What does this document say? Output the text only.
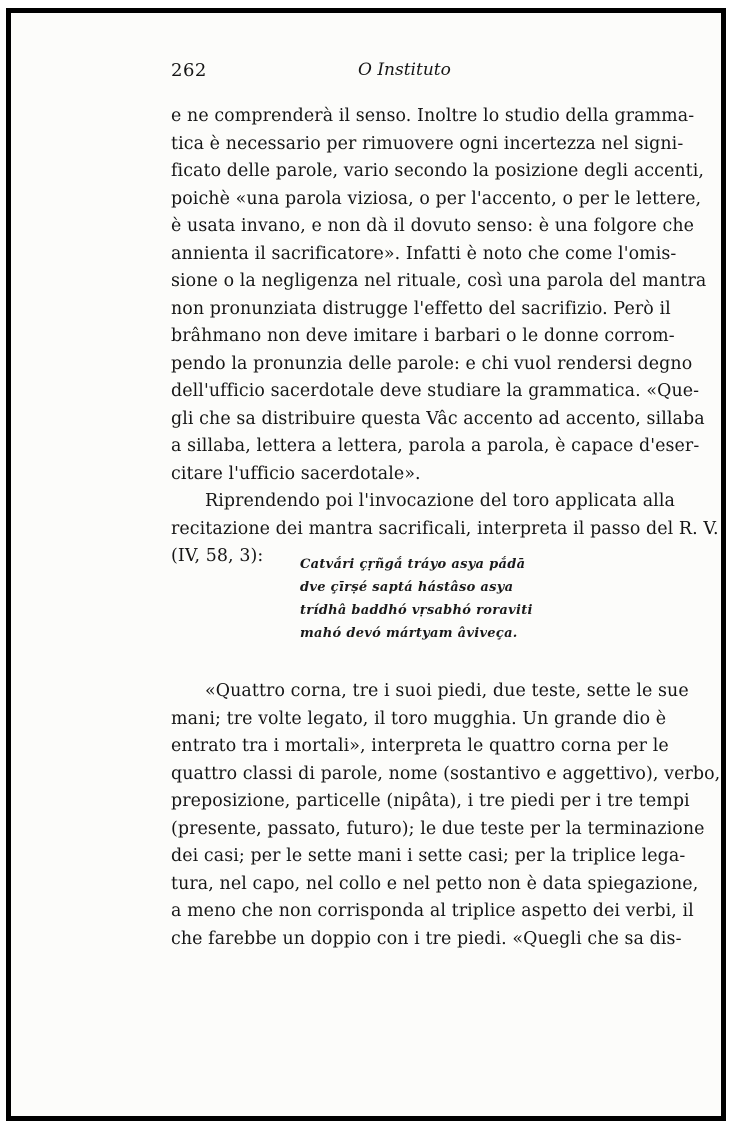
262	O Instituto

e ne comprenderà il senso. Inoltre lo studio della gramma-
tica è necessario per rimuovere ogni incertezza nel signi-
ficato delle parole, vario secondo la posizione degli accenti,
poichè «una parola viziosa, o per l'accento, o per le lettere,
è usata invano, e non dà il dovuto senso: è una folgore che
annienta il sacrificatore». Infatti è noto che come l'omis-
sione o la negligenza nel rituale, così una parola del mantra
non pronunziata distrugge l'effetto del sacrifizio. Però il
brâhmano non deve imitare i barbari o le donne corrom-
pendo la pronunzia delle parole: e chi vuol rendersi degno
dell'ufficio sacerdotale deve studiare la grammatica. «Que-
gli che sa distribuire questa Vâc accento ad accento, sillaba
a sillaba, lettera a lettera, parola a parola, è capace d'eser-
citare l'ufficio sacerdotale».

Riprendendo poi l'invocazione del toro applicata alla
recitazione dei mantra sacrificali, interpreta il passo del R. V.
(IV, 58, 3):	Catvắri çṛñgắ tráyo asya pắdā
dve çīrṣé saptá hástâso asya
trídhâ baddhó vṛsabhó roraviti
mahó devó mártyam âviveça.

«Quattro corna, tre i suoi piedi, due teste, sette le sue
mani; tre volte legato, il toro mugghia. Un grande dio è
entrato tra i mortali», interpreta le quattro corna per le
quattro classi di parole, nome (sostantivo e aggettivo), verbo,
preposizione, particelle (nipâta), i tre piedi per i tre tempi
(presente, passato, futuro); le due teste per la terminazione
dei casi; per le sette mani i sette casi; per la triplice lega-
tura, nel capo, nel collo e nel petto non è data spiegazione,
a meno che non corrisponda al triplice aspetto dei verbi, il
che farebbe un doppio con i tre piedi. «Quegli che sa dis-
